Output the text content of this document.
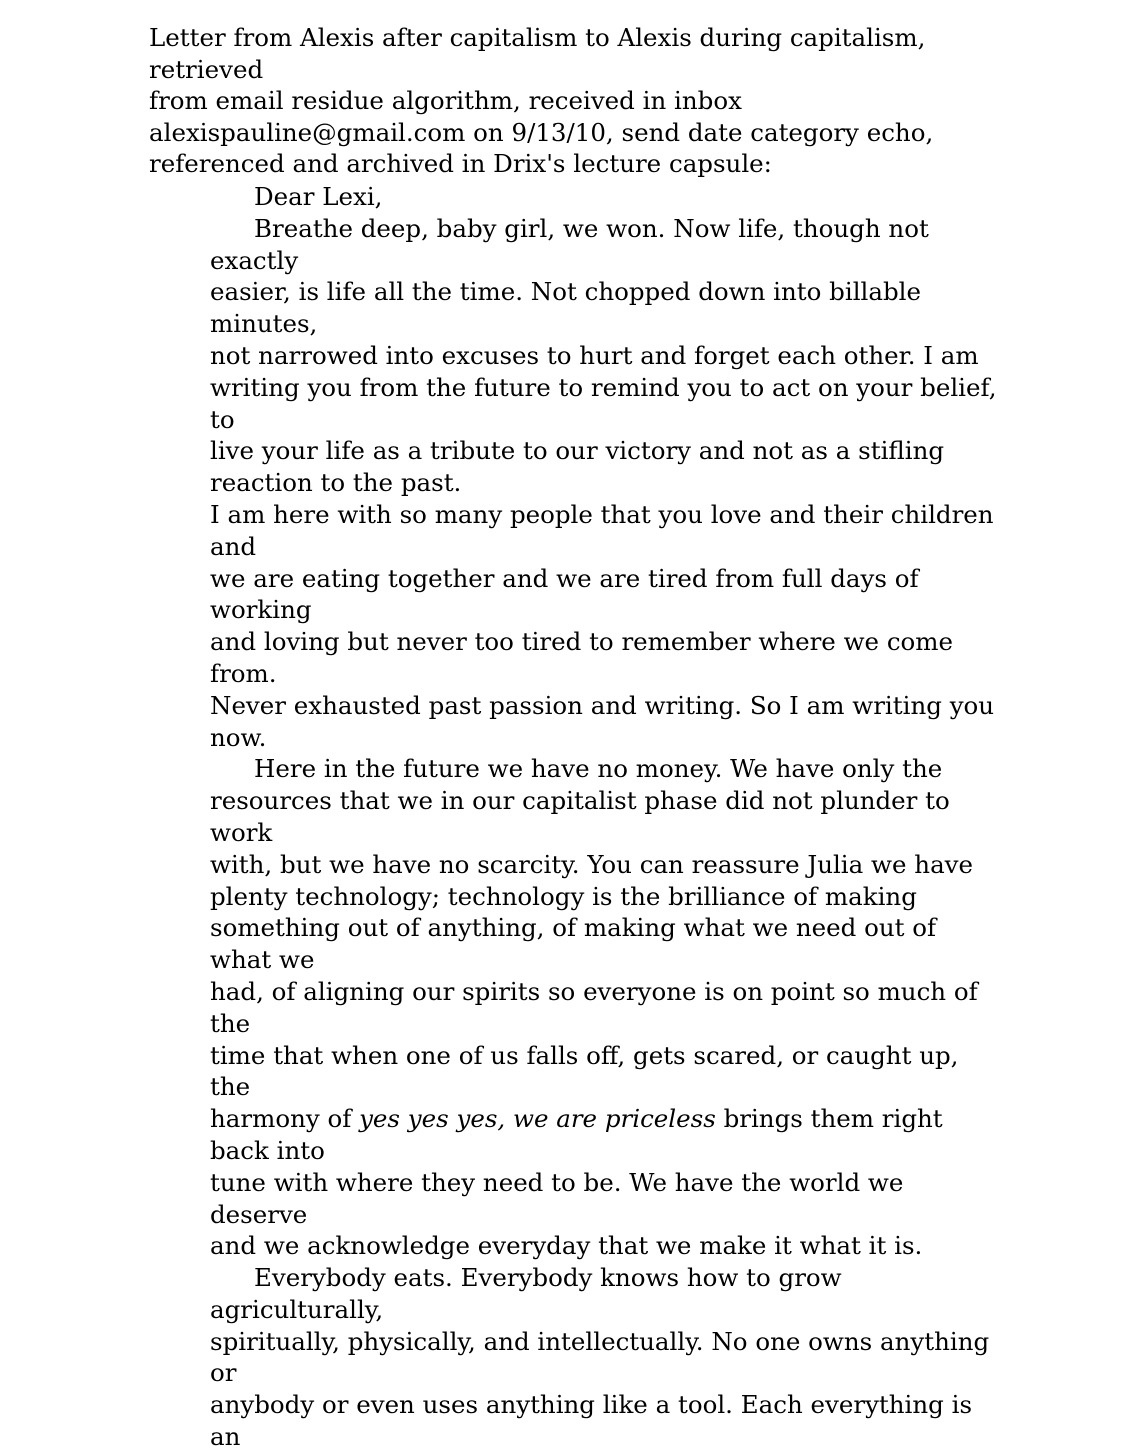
Letter from Alexis after capitalism to Alexis during capitalism, retrieved
from email residue algorithm, received in inbox
alexispauline@gmail.com on 9/13/10, send date category echo,
referenced and archived in Drix's lecture capsule:

Dear Lexi,

Breathe deep, baby girl, we won. Now life, though not exactly
easier, is life all the time. Not chopped down into billable minutes,
not narrowed into excuses to hurt and forget each other. I am
writing you from the future to remind you to act on your belief, to
live your life as a tribute to our victory and not as a stifling
reaction to the past.

I am here with so many people that you love and their children and
we are eating together and we are tired from full days of working
and loving but never too tired to remember where we come from.
Never exhausted past passion and writing. So I am writing you
now.

Here in the future we have no money. We have only the
resources that we in our capitalist phase did not plunder to work
with, but we have no scarcity. You can reassure Julia we have
plenty technology; technology is the brilliance of making
something out of anything, of making what we need out of what we
had, of aligning our spirits so everyone is on point so much of the
time that when one of us falls off, gets scared, or caught up, the
harmony of yes yes yes, we are priceless brings them right back into
tune with where they need to be. We have the world we deserve
and we acknowledge everyday that we make it what it is.

Everybody eats. Everybody knows how to grow agriculturally,
spiritually, physically, and intellectually. No one owns anything or
anybody or even uses anything like a tool. Each everything is an
